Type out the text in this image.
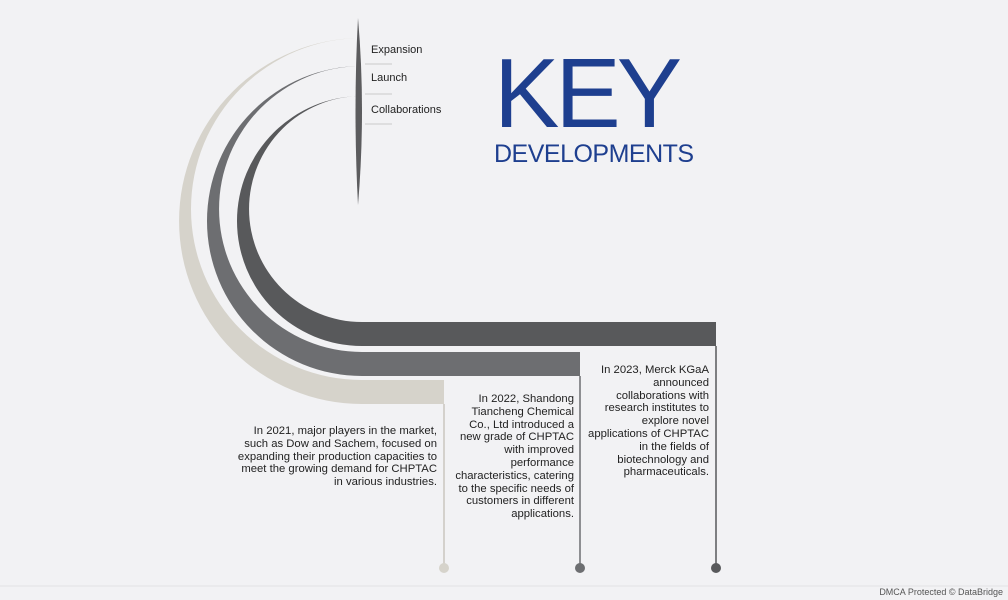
KEY
DEVELOPMENTS
Expansion
Launch
Collaborations
In 2021, major players in the market, such as Dow and Sachem, focused on expanding their production capacities to meet the growing demand for CHPTAC in various industries.
In 2022, Shandong Tiancheng Chemical Co., Ltd introduced a new grade of CHPTAC with improved performance characteristics, catering to the specific needs of customers in different applications.
In 2023, Merck KGaA announced collaborations with research institutes to explore novel applications of CHPTAC in the fields of biotechnology and pharmaceuticals.
DMCA Protected © DataBridge
